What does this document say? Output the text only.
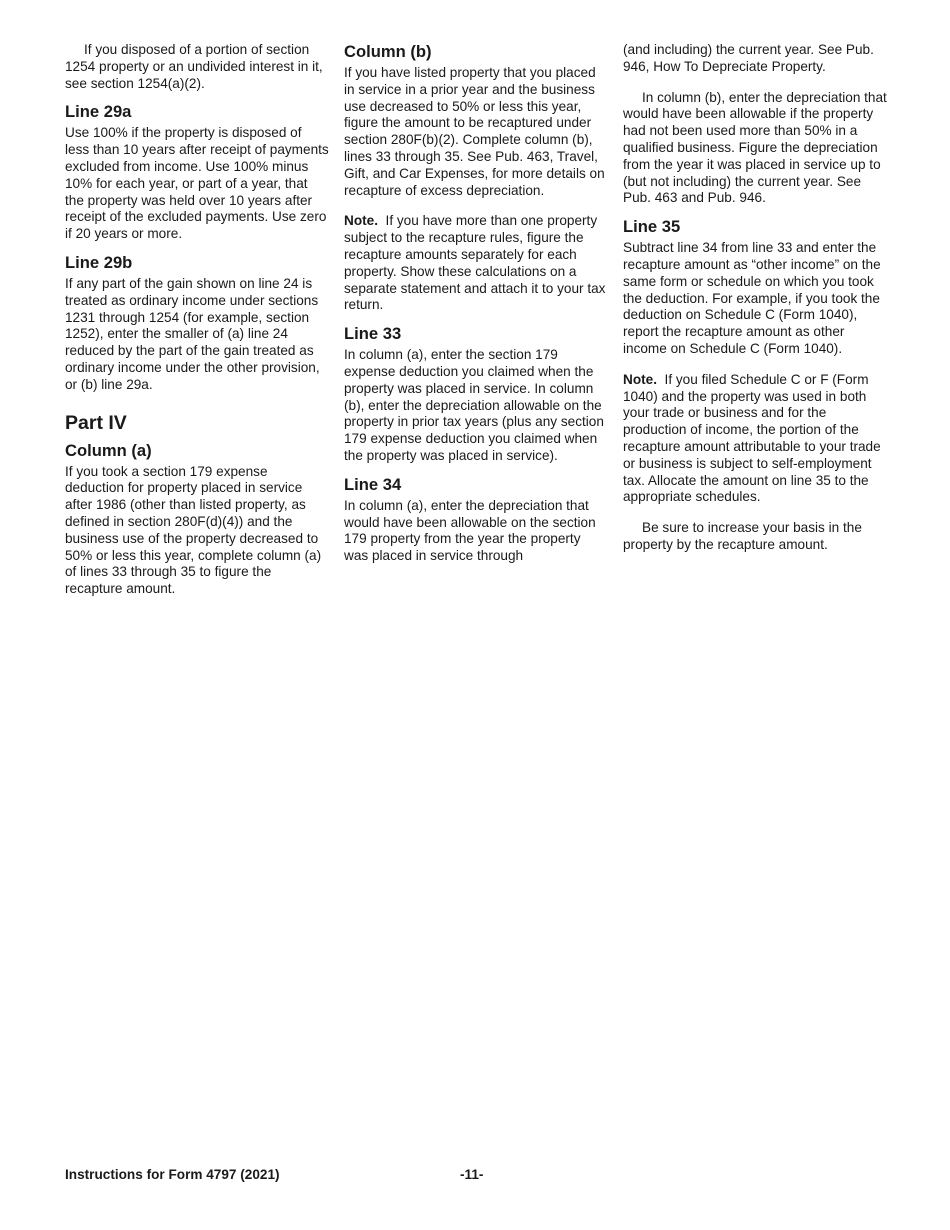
If you disposed of a portion of section 1254 property or an undivided interest in it, see section 1254(a)(2).

Line 29a

Use 100% if the property is disposed of less than 10 years after receipt of payments excluded from income. Use 100% minus 10% for each year, or part of a year, that the property was held over 10 years after receipt of the excluded payments. Use zero if 20 years or more.

Line 29b

If any part of the gain shown on line 24 is treated as ordinary income under sections 1231 through 1254 (for example, section 1252), enter the smaller of (a) line 24 reduced by the part of the gain treated as ordinary income under the other provision, or (b) line 29a.

Part IV
Column (a)

If you took a section 179 expense deduction for property placed in service after 1986 (other than listed property, as defined in section 280F(d)(4)) and the business use of the property decreased to 50% or less this year, complete column (a) of lines 33 through 35 to figure the recapture amount.

Column (b)

If you have listed property that you placed in service in a prior year and the business use decreased to 50% or less this year, figure the amount to be recaptured under section 280F(b)(2). Complete column (b), lines 33 through 35. See Pub. 463, Travel, Gift, and Car Expenses, for more details on recapture of excess depreciation.

Note. If you have more than one property subject to the recapture rules, figure the recapture amounts separately for each property. Show these calculations on a separate statement and attach it to your tax return.

Line 33

In column (a), enter the section 179 expense deduction you claimed when the property was placed in service. In column (b), enter the depreciation allowable on the property in prior tax years (plus any section 179 expense deduction you claimed when the property was placed in service).

Line 34

In column (a), enter the depreciation that would have been allowable on the section 179 property from the year the property was placed in service through

(and including) the current year. See Pub. 946, How To Depreciate Property.

In column (b), enter the depreciation that would have been allowable if the property had not been used more than 50% in a qualified business. Figure the depreciation from the year it was placed in service up to (but not including) the current year. See Pub. 463 and Pub. 946.

Line 35

Subtract line 34 from line 33 and enter the recapture amount as “other income” on the same form or schedule on which you took the deduction. For example, if you took the deduction on Schedule C (Form 1040), report the recapture amount as other income on Schedule C (Form 1040).

Note. If you filed Schedule C or F (Form 1040) and the property was used in both your trade or business and for the production of income, the portion of the recapture amount attributable to your trade or business is subject to self-employment tax. Allocate the amount on line 35 to the appropriate schedules.

Be sure to increase your basis in the property by the recapture amount.

Instructions for Form 4797 (2021)	-11-
